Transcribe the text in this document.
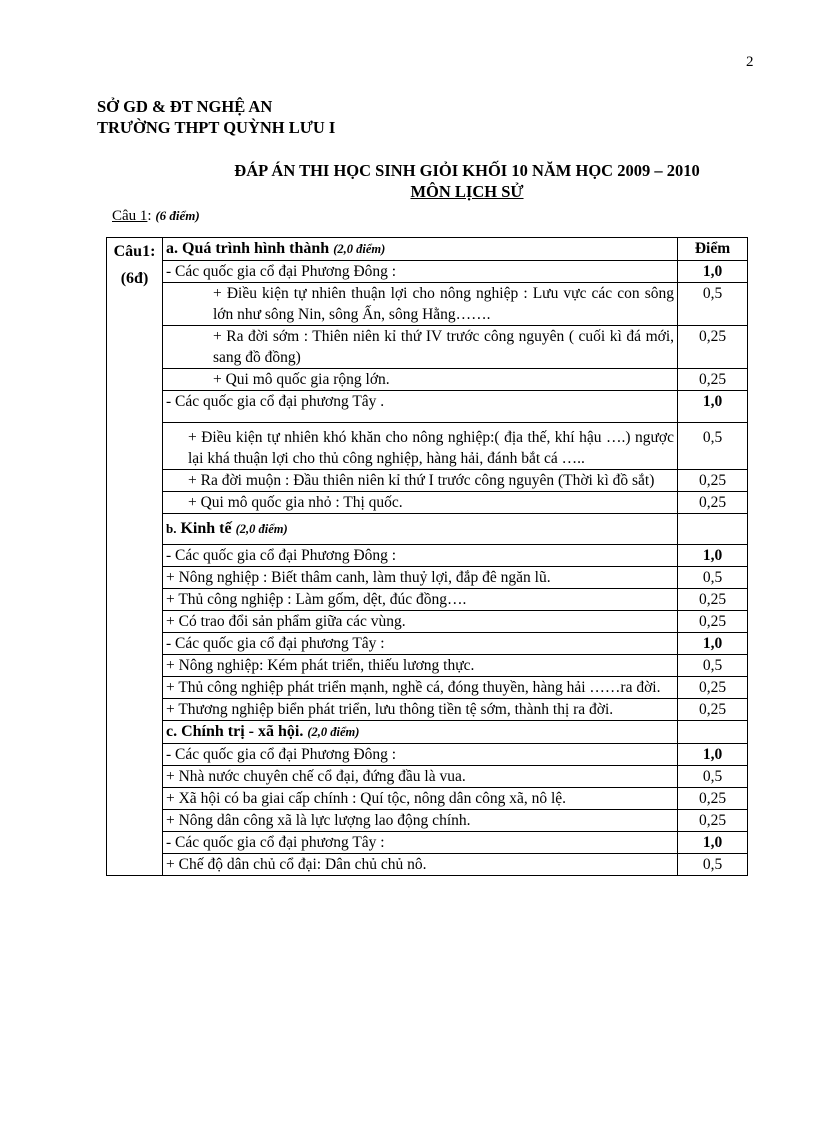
2
SỞ GD & ĐT NGHỆ AN
TRƯỜNG THPT QUỲNH LƯU I
ĐÁP ÁN THI HỌC SINH GIỎI KHỐI 10 NĂM HỌC 2009 – 2010
MÔN LỊCH SỬ
Câu 1: (6 điểm)
Câu1:
(6đ)	a. Quá trình hình thành (2,0 điểm)	Điểm
	- Các quốc gia cổ đại Phương Đông :	1,0
	+ Điều kiện tự nhiên thuận lợi cho nông nghiệp : Lưu vực các con sông lớn như sông Nin, sông Ấn, sông Hằng…….	0,5
	+ Ra đời sớm : Thiên niên kỉ thứ IV trước công nguyên ( cuối kì đá mới, sang đồ đồng)	0,25
	+ Qui mô quốc gia rộng lớn.	0,25
	- Các quốc gia cổ đại phương Tây .	1,0
	+ Điều kiện tự nhiên khó khăn cho nông nghiệp:( địa thế, khí hậu ….) ngược lại khá thuận lợi cho thủ công nghiệp, hàng hải, đánh bắt cá …..	0,5
	+ Ra đời muộn : Đầu thiên niên kỉ thứ I trước công nguyên (Thời kì đồ sắt)	0,25
	+ Qui mô quốc gia nhỏ : Thị quốc.	0,25
	b. Kinh tế (2,0 điểm)	
	- Các quốc gia cổ đại Phương Đông :	1,0
	+ Nông nghiệp : Biết thâm canh, làm thuỷ lợi, đắp đê ngăn lũ.	0,5
	+ Thủ công nghiệp : Làm gốm, dệt, đúc đồng….	0,25
	+ Có trao đổi sản phẩm giữa các vùng.	0,25
	- Các quốc gia cổ đại phương Tây :	1,0
	+ Nông nghiệp: Kém phát triển, thiếu lương thực.	0,5
	+ Thủ công nghiệp phát triển mạnh, nghề cá, đóng thuyền, hàng hải ……ra đời.	0,25
	+ Thương nghiệp biển phát triển, lưu thông tiền tệ sớm, thành thị ra đời.	0,25
	c. Chính trị - xã hội. (2,0 điểm)	
	- Các quốc gia cổ đại Phương Đông :	1,0
	+ Nhà nước chuyên chế cổ đại, đứng đầu là vua.	0,5
	+ Xã hội có ba giai cấp chính : Quí tộc, nông dân công xã, nô lệ.	0,25
	+ Nông dân công xã là lực lượng lao động chính.	0,25
	- Các quốc gia cổ đại phương Tây :	1,0
	+ Chế độ dân chủ cổ đại: Dân chủ chủ nô.	0,5
